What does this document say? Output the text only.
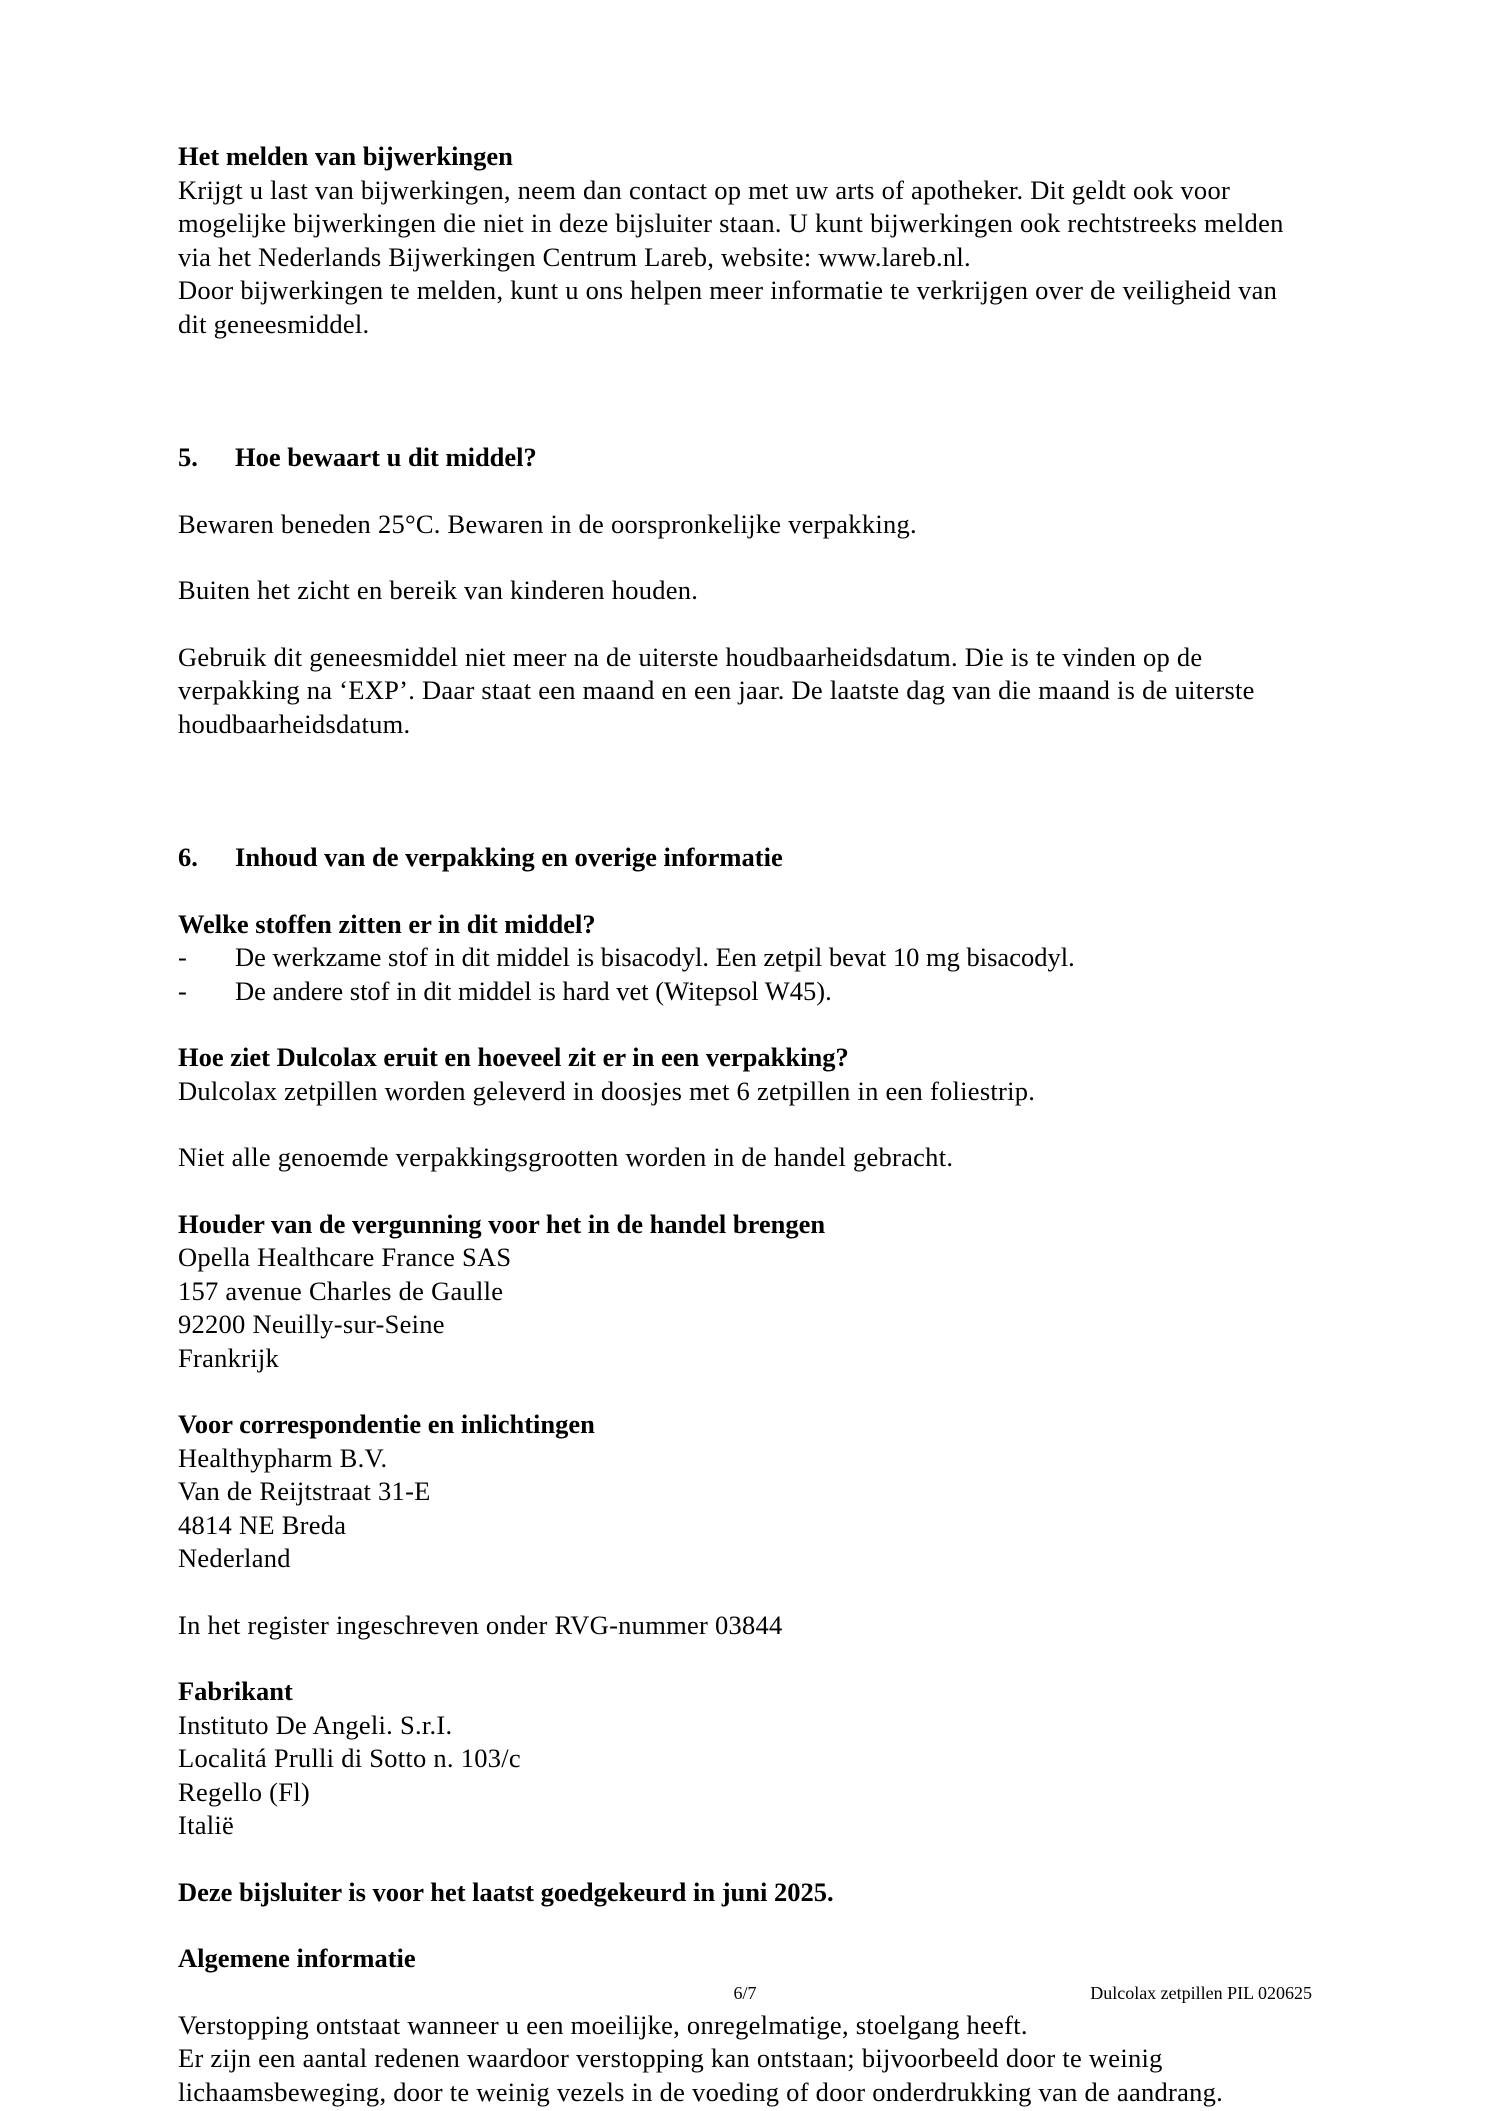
Het melden van bijwerkingen

Krijgt u last van bijwerkingen, neem dan contact op met uw arts of apotheker. Dit geldt ook voor mogelijke bijwerkingen die niet in deze bijsluiter staan. U kunt bijwerkingen ook rechtstreeks melden via het Nederlands Bijwerkingen Centrum Lareb, website: www.lareb.nl.

Door bijwerkingen te melden, kunt u ons helpen meer informatie te verkrijgen over de veiligheid van dit geneesmiddel.

5.	Hoe bewaart u dit middel?

Bewaren beneden 25°C. Bewaren in de oorspronkelijke verpakking.

Buiten het zicht en bereik van kinderen houden.

Gebruik dit geneesmiddel niet meer na de uiterste houdbaarheidsdatum. Die is te vinden op de verpakking na ‘EXP’. Daar staat een maand en een jaar. De laatste dag van die maand is de uiterste houdbaarheidsdatum.

6.	Inhoud van de verpakking en overige informatie
Welke stoffen zitten er in dit middel?
-	De werkzame stof in dit middel is bisacodyl. Een zetpil bevat 10 mg bisacodyl.
-	De andere stof in dit middel is hard vet (Witepsol W45).
Hoe ziet Dulcolax eruit en hoeveel zit er in een verpakking?

Dulcolax zetpillen worden geleverd in doosjes met 6 zetpillen in een foliestrip.

Niet alle genoemde verpakkingsgrootten worden in de handel gebracht.

Houder van de vergunning voor het in de handel brengen

Opella Healthcare France SAS
157 avenue Charles de Gaulle
92200 Neuilly-sur-Seine
Frankrijk

Voor correspondentie en inlichtingen

Healthypharm B.V.
Van de Reijtstraat 31-E
4814 NE Breda
Nederland

In het register ingeschreven onder RVG-nummer 03844

Fabrikant

Instituto De Angeli. S.r.I.
Localitá Prulli di Sotto n. 103/c
Regello (Fl)
Italië

Deze bijsluiter is voor het laatst goedgekeurd in juni 2025.
Algemene informatie

Verstopping ontstaat wanneer u een moeilijke, onregelmatige, stoelgang heeft.

Er zijn een aantal redenen waardoor verstopping kan ontstaan; bijvoorbeeld door te weinig lichaamsbeweging, door te weinig vezels in de voeding of door onderdrukking van de aandrang.

6/7	Dulcolax zetpillen PIL 020625
